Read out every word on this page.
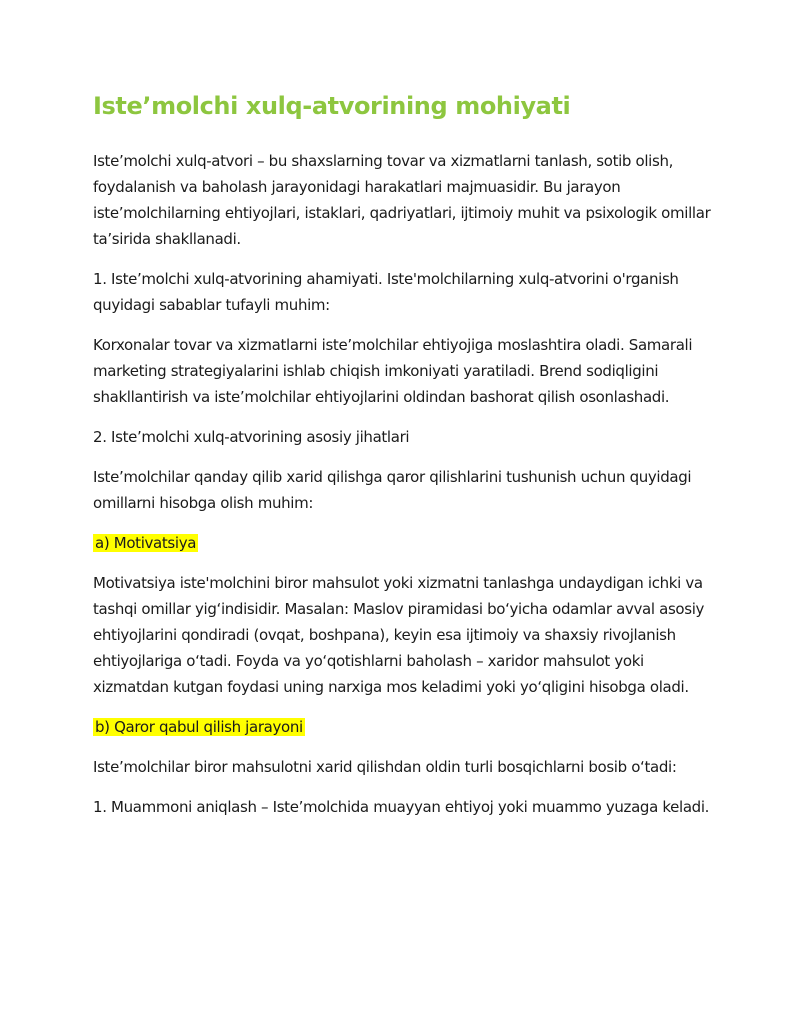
Iste’molchi xulq-atvorining mohiyati

Iste’molchi xulq-atvori – bu shaxslarning tovar va xizmatlarni tanlash, sotib olish, foydalanish va baholash jarayonidagi harakatlari majmuasidir. Bu jarayon iste’molchilarning ehtiyojlari, istaklari, qadriyatlari, ijtimoiy muhit va psixologik omillar ta’sirida shakllanadi.

1. Iste’molchi xulq-atvorining ahamiyati. Iste'molchilarning xulq-atvorini o'rganish quyidagi sabablar tufayli muhim:

Korxonalar tovar va xizmatlarni iste’molchilar ehtiyojiga moslashtira oladi. Samarali marketing strategiyalarini ishlab chiqish imkoniyati yaratiladi. Brend sodiqligini shakllantirish va iste’molchilar ehtiyojlarini oldindan bashorat qilish osonlashadi.

2. Iste’molchi xulq-atvorining asosiy jihatlari

Iste’molchilar qanday qilib xarid qilishga qaror qilishlarini tushunish uchun quyidagi omillarni hisobga olish muhim:

a) Motivatsiya

Motivatsiya iste'molchini biror mahsulot yoki xizmatni tanlashga undaydigan ichki va tashqi omillar yig‘indisidir. Masalan: Maslov piramidasi bo‘yicha odamlar avval asosiy ehtiyojlarini qondiradi (ovqat, boshpana), keyin esa ijtimoiy va shaxsiy rivojlanish ehtiyojlariga o‘tadi. Foyda va yo‘qotishlarni baholash – xaridor mahsulot yoki xizmatdan kutgan foydasi uning narxiga mos keladimi yoki yo‘qligini hisobga oladi.

b) Qaror qabul qilish jarayoni

Iste’molchilar biror mahsulotni xarid qilishdan oldin turli bosqichlarni bosib o‘tadi:

1. Muammoni aniqlash – Iste’molchida muayyan ehtiyoj yoki muammo yuzaga keladi.
